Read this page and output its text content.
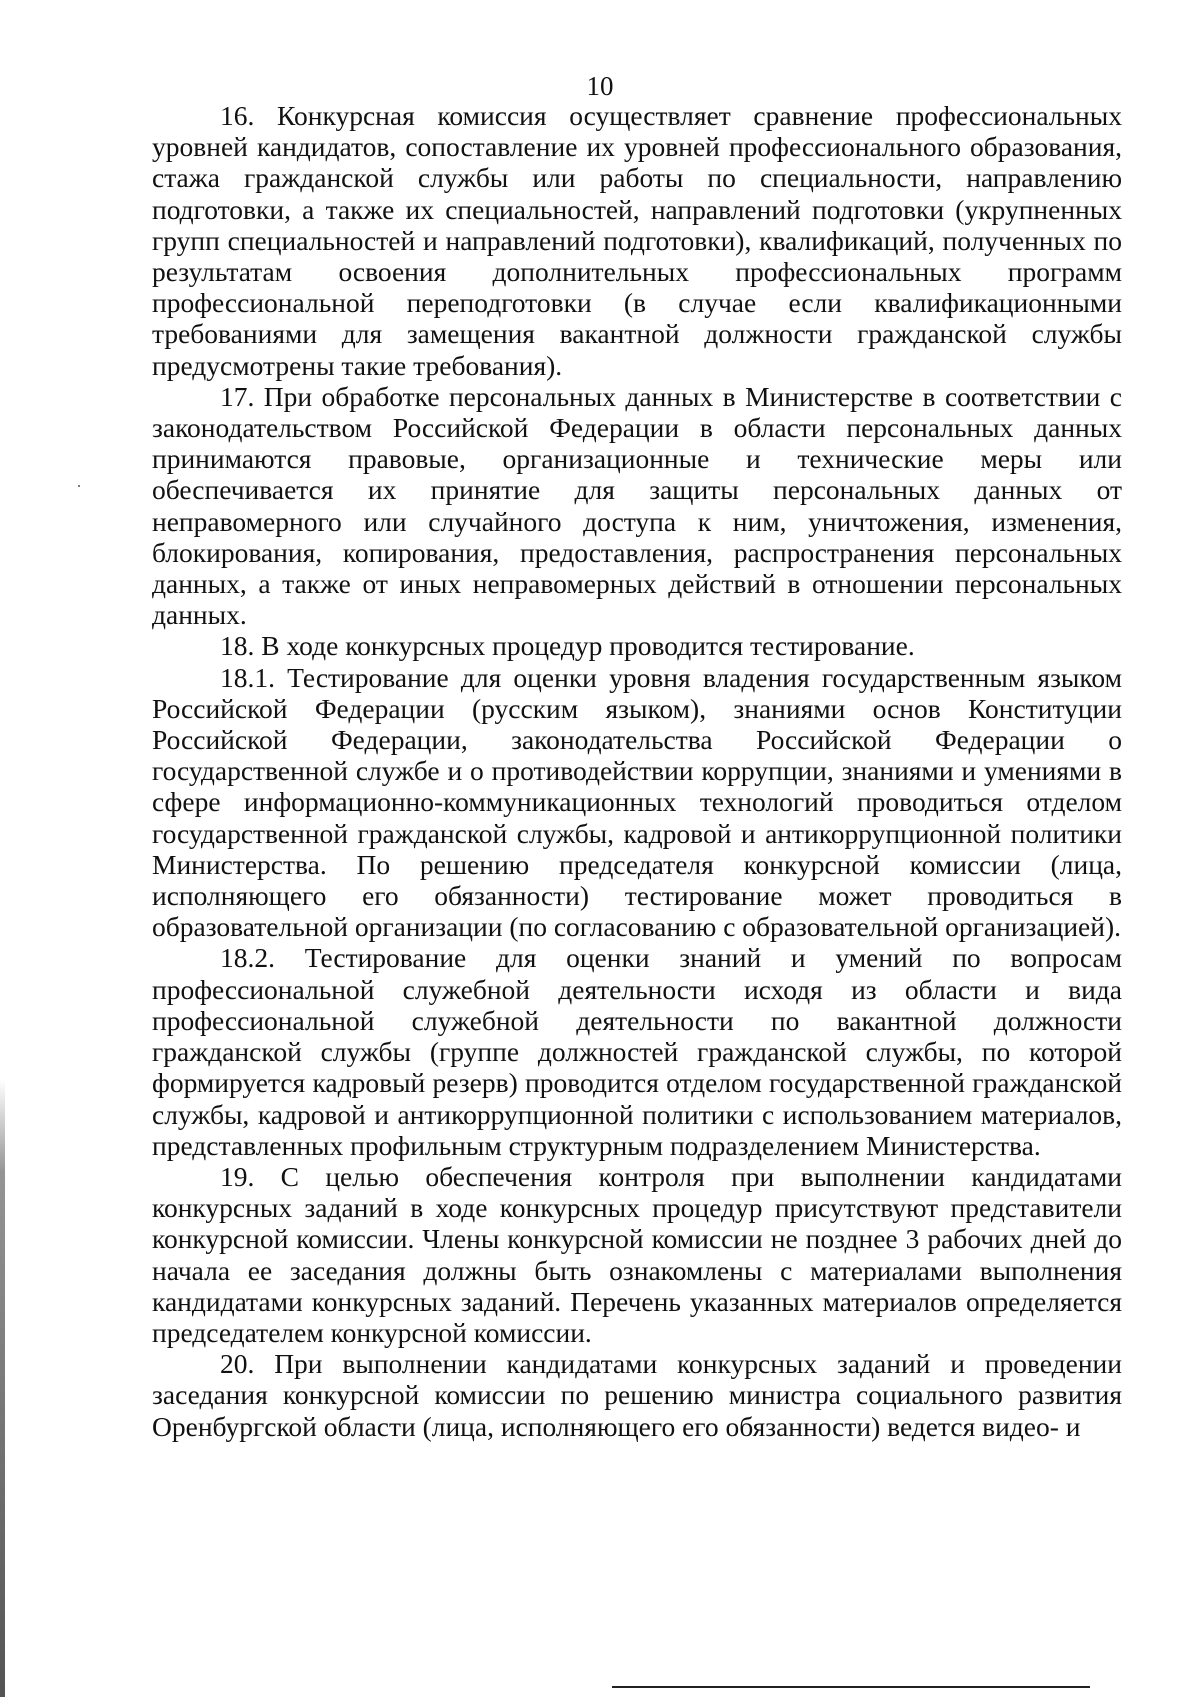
10

16. Конкурсная комиссия осуществляет сравнение профессиональных уровней кандидатов, сопоставление их уровней профессионального образования, стажа гражданской службы или работы по специальности, направлению подготовки, а также их специальностей, направлений подготовки (укрупненных групп специальностей и направлений подготовки), квалификаций, полученных по результатам освоения дополнительных профессиональных программ профессиональной переподготовки (в случае если квалификационными требованиями для замещения вакантной должности гражданской службы предусмотрены такие требования).

17. При обработке персональных данных в Министерстве в соответствии с законодательством Российской Федерации в области персональных данных принимаются правовые, организационные и технические меры или обеспечивается их принятие для защиты персональных данных от неправомерного или случайного доступа к ним, уничтожения, изменения, блокирования, копирования, предоставления, распространения персональных данных, а также от иных неправомерных действий в отношении персональных данных.

18. В ходе конкурсных процедур проводится тестирование.

18.1. Тестирование для оценки уровня владения государственным языком Российской Федерации (русским языком), знаниями основ Конституции Российской Федерации, законодательства Российской Федерации о государственной службе и о противодействии коррупции, знаниями и умениями в сфере информационно-коммуникационных технологий проводиться отделом государственной гражданской службы, кадровой и антикоррупционной политики Министерства. По решению председателя конкурсной комиссии (лица, исполняющего его обязанности) тестирование может проводиться в образовательной организации (по согласованию с образовательной организацией).

18.2. Тестирование для оценки знаний и умений по вопросам профессиональной служебной деятельности исходя из области и вида профессиональной служебной деятельности по вакантной должности гражданской службы (группе должностей гражданской службы, по которой формируется кадровый резерв) проводится отделом государственной гражданской службы, кадровой и антикоррупционной политики с использованием материалов, представленных профильным структурным подразделением Министерства.

19. С целью обеспечения контроля при выполнении кандидатами конкурсных заданий в ходе конкурсных процедур присутствуют представители конкурсной комиссии. Члены конкурсной комиссии не позднее 3 рабочих дней до начала ее заседания должны быть ознакомлены с материалами выполнения кандидатами конкурсных заданий. Перечень указанных материалов определяется председателем конкурсной комиссии.

20. При выполнении кандидатами конкурсных заданий и проведении заседания конкурсной комиссии по решению министра социального развития Оренбургской области (лица, исполняющего его обязанности) ведется видео- и
